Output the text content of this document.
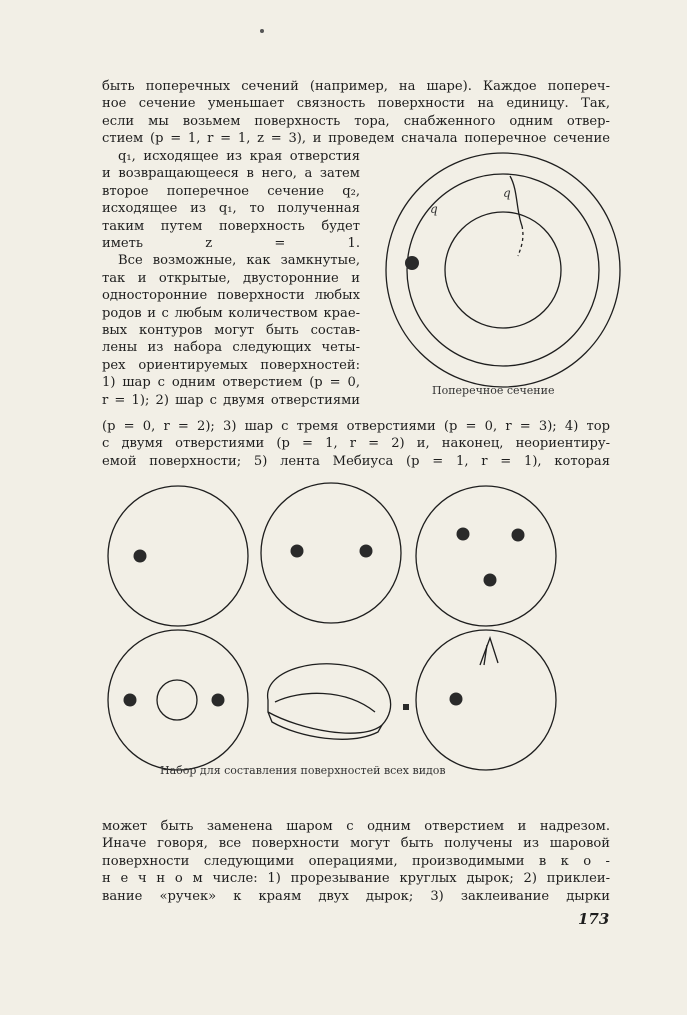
быть поперечных сечений (например, на шаре). Каждое попереч-
ное сечение уменьшает связность поверхности на единицу. Так,
если мы возьмем поверхность тора, снабженного одним отвер-
стием (p = 1, r = 1, z = 3), и проведем сначала поперечное сечение
q₁, исходящее из края отверстия
и возвращающееся в него, а затем
второе поперечное сечение q₂,
исходящее из q₁, то полученная
таким путем поверхность будет
иметь z = 1.
Все возможные, как замкнутые,
так и открытые, двусторонние и
односторонние поверхности любых
родов и с любым количеством крае-
вых контуров могут быть состав-
лены из набора следующих четы-
рех ориентируемых поверхностей:
1) шар с одним отверстием (p = 0,
r = 1); 2) шар с двумя отверстиями
q
q
Поперечное сечение
(p = 0, r = 2); 3) шар с тремя отверстиями (p = 0, r = 3); 4) тор
с двумя отверстиями (p = 1, r = 2) и, наконец, неориентиру-
емой поверхности; 5) лента Мебиуса (p = 1, r = 1), которая
Набор для составления поверхностей всех видов
может быть заменена шаром с одним отверстием и надрезом.
Иначе говоря, все поверхности могут быть получены из шаровой
поверхности следующими операциями, производимыми в к о -
н е ч н о м числе: 1) прорезывание круглых дырок; 2) приклеи-
вание «ручек» к краям двух дырок; 3) заклеивание дырки
173
